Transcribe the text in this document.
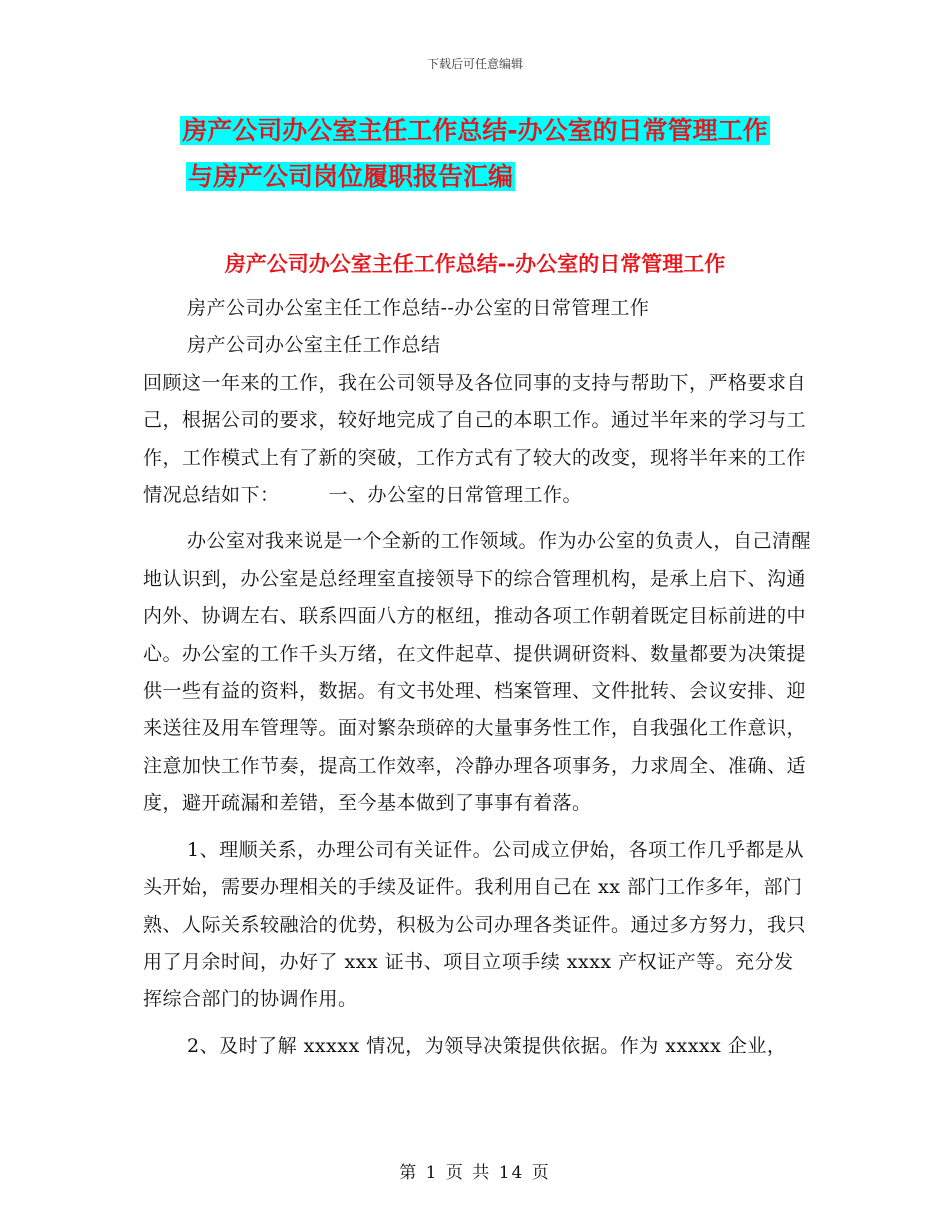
下载后可任意编辑
房产公司办公室主任工作总结-办公室的日常管理工作
与房产公司岗位履职报告汇编
房产公司办公室主任工作总结--办公室的日常管理工作

房产公司办公室主任工作总结--办公室的日常管理工作

房产公司办公室主任工作总结

回顾这一年来的工作，我在公司领导及各位同事的支持与帮助下，严格要求自己，根据公司的要求，较好地完成了自己的本职工作。通过半年来的学习与工作，工作模式上有了新的突破，工作方式有了较大的改变，现将半年来的工作情况总结如下：　　　一、办公室的日常管理工作。

办公室对我来说是一个全新的工作领域。作为办公室的负责人，自己清醒地认识到，办公室是总经理室直接领导下的综合管理机构，是承上启下、沟通内外、协调左右、联系四面八方的枢纽，推动各项工作朝着既定目标前进的中心。办公室的工作千头万绪，在文件起草、提供调研资料、数量都要为决策提供一些有益的资料，数据。有文书处理、档案管理、文件批转、会议安排、迎来送往及用车管理等。面对繁杂琐碎的大量事务性工作，自我强化工作意识，注意加快工作节奏，提高工作效率，冷静办理各项事务，力求周全、准确、适度，避开疏漏和差错，至今基本做到了事事有着落。

1、理顺关系，办理公司有关证件。公司成立伊始，各项工作几乎都是从头开始，需要办理相关的手续及证件。我利用自己在 xx 部门工作多年，部门熟、人际关系较融洽的优势，积极为公司办理各类证件。通过多方努力，我只用了月余时间，办好了 xxx 证书、项目立项手续 xxxx 产权证产等。充分发挥综合部门的协调作用。

2、及时了解 xxxxx 情况，为领导决策提供依据。作为 xxxxx 企业，

第 1 页 共 14 页
